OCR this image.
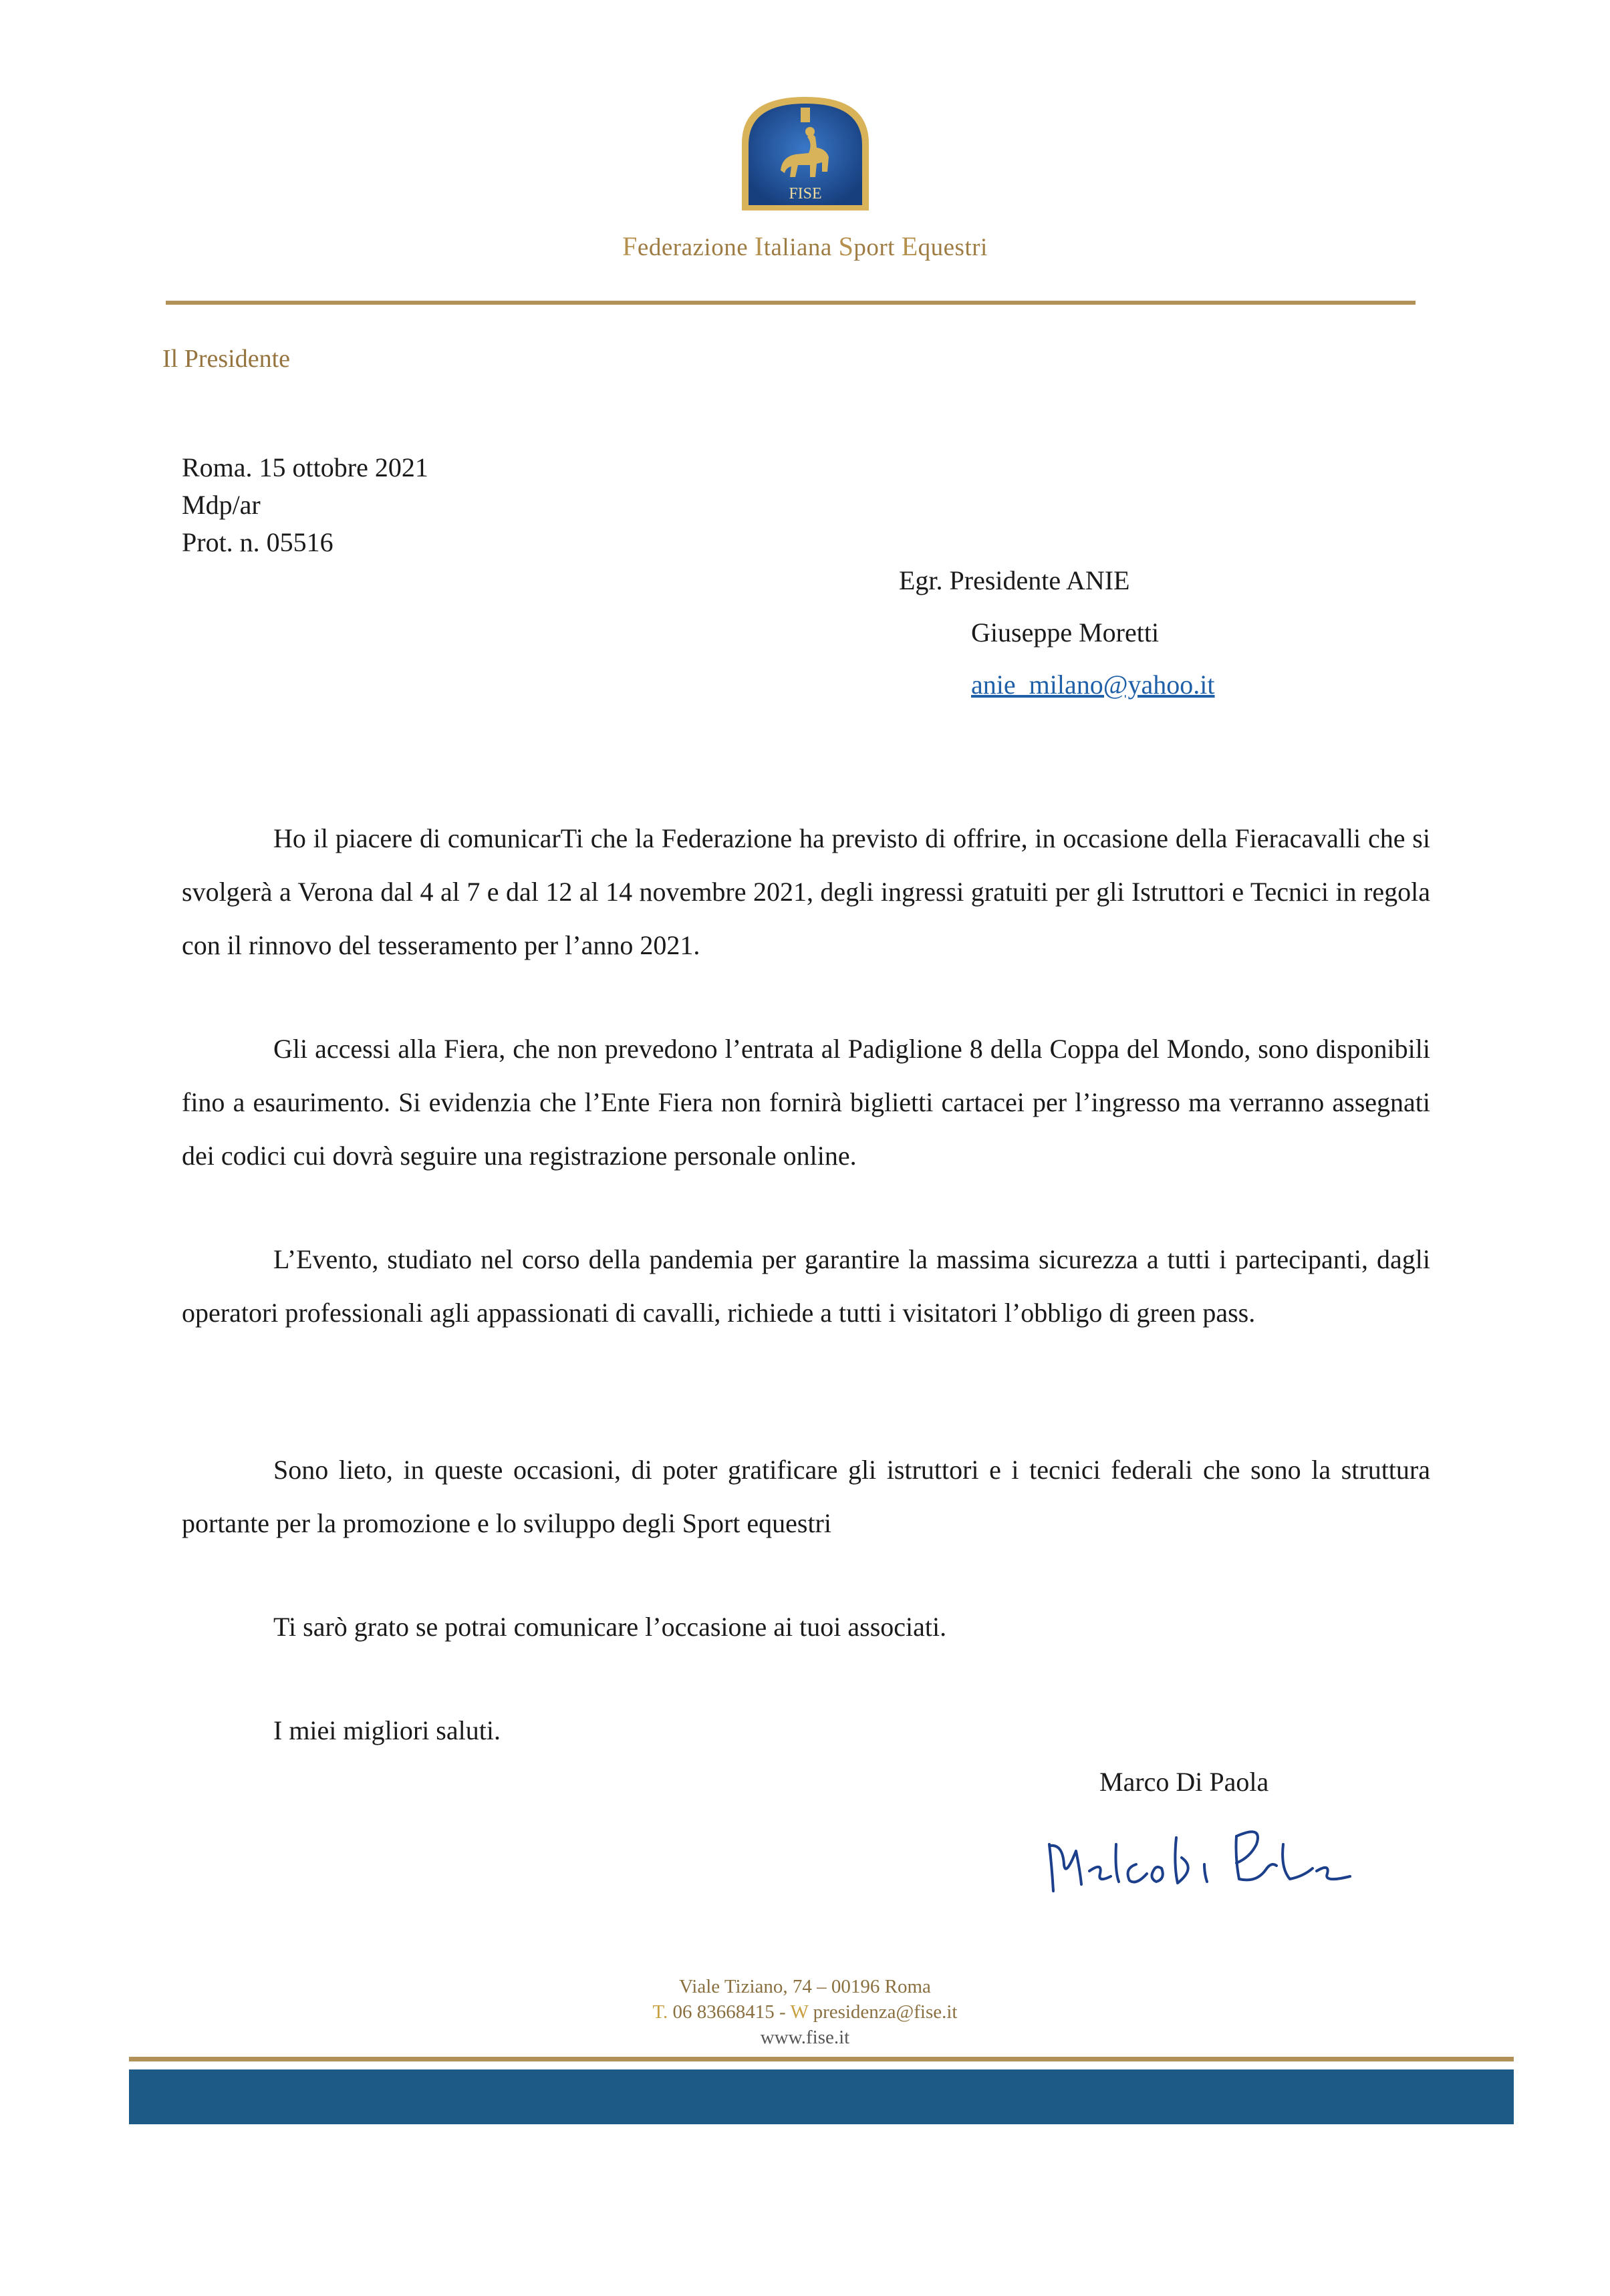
FISE
Federazione Italiana Sport Equestri
Il Presidente
Roma. 15 ottobre 2021
Mdp/ar
Prot. n. 05516
Egr. Presidente ANIE
Giuseppe Moretti
anie_milano@yahoo.it

Ho il piacere di comunicarTi che la Federazione ha previsto di offrire, in occasione della Fieracavalli che si svolgerà a Verona dal 4 al 7 e dal 12 al 14 novembre 2021, degli ingressi gratuiti per gli Istruttori e Tecnici in regola con il rinnovo del tesseramento per l’anno 2021.

Gli accessi alla Fiera, che non prevedono l’entrata al Padiglione 8 della Coppa del Mondo, sono disponibili fino a esaurimento. Si evidenzia che l’Ente Fiera non fornirà biglietti cartacei per l’ingresso ma verranno assegnati dei codici cui dovrà seguire una registrazione personale online.

L’Evento, studiato nel corso della pandemia per garantire la massima sicurezza a tutti i partecipanti, dagli operatori professionali agli appassionati di cavalli, richiede a tutti i visitatori l’obbligo di green pass.

Sono lieto, in queste occasioni, di poter gratificare gli istruttori e i tecnici federali che sono la struttura portante per la promozione e lo sviluppo degli Sport equestri

Ti sarò grato se potrai comunicare l’occasione ai tuoi associati.

I miei migliori saluti.

Marco Di Paola
Viale Tiziano, 74 – 00196 Roma
T. 06 83668415 - W presidenza@fise.it
www.fise.it
